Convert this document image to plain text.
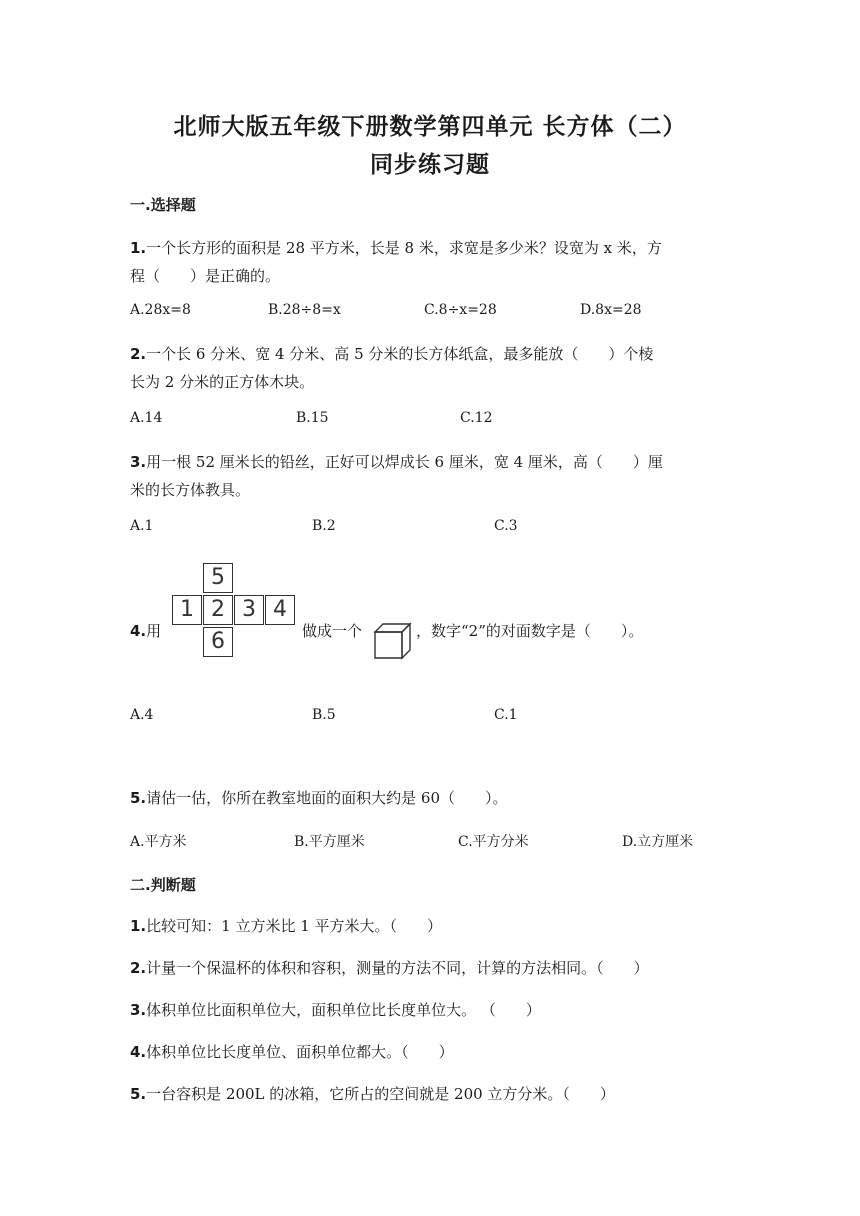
北师大版五年级下册数学第四单元 长方体（二）
同步练习题
一.选择题
1.一个长方形的面积是 28 平方米，长是 8 米，求宽是多少米？设宽为 x 米，方
程（　　）是正确的。
A.28x=8	B.28÷8=x	C.8÷x=28	D.8x=28
2.一个长 6 分米、宽 4 分米、高 5 分米的长方体纸盒，最多能放（　　）个棱
长为 2 分米的正方体木块。
A.14	B.15	C.12
3.用一根 52 厘米长的铅丝，正好可以焊成长 6 厘米，宽 4 厘米，高（　　）厘
米的长方体教具。
A.1	B.2	C.3
4.用
5
1 2 3 4
6	做成一个	，数字“2”的对面数字是（　　）。
A.4	B.5	C.1
5.请估一估，你所在教室地面的面积大约是 60（　　）。
A.平方米	B.平方厘米	C.平方分米	D.立方厘米
二.判断题
1.比较可知：1 立方米比 1 平方米大。（　　）
2.计量一个保温杯的体积和容积，测量的方法不同，计算的方法相同。（　　）
3.体积单位比面积单位大，面积单位比长度单位大。 （　　）
4.体积单位比长度单位、面积单位都大。（　　）
5.一台容积是 200L 的冰箱，它所占的空间就是 200 立方分米。（　　）
